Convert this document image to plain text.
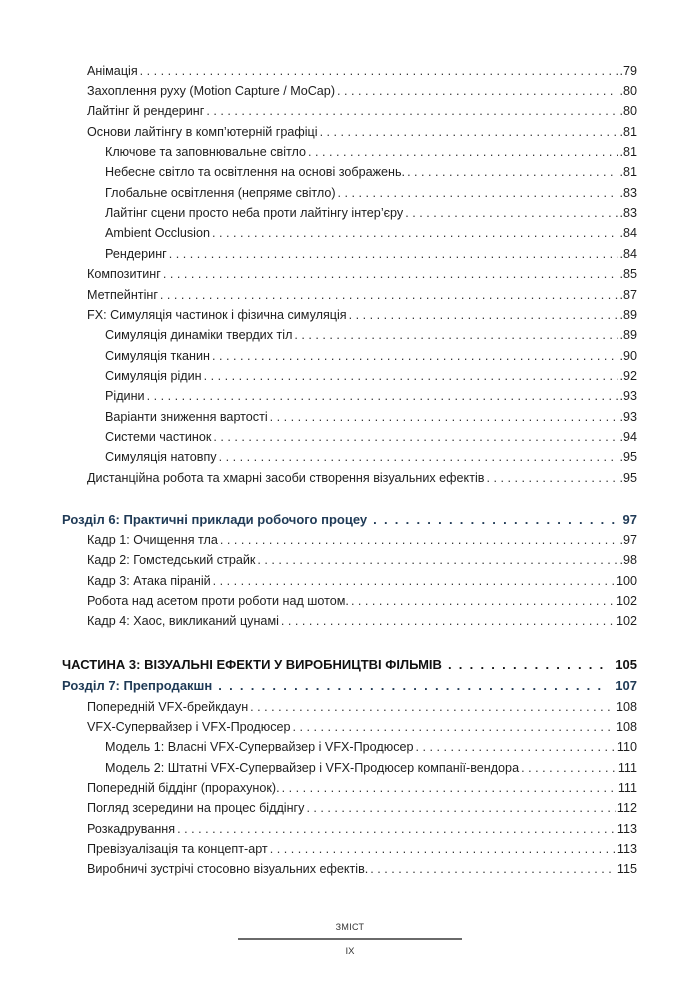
Анімація . . .	.79
Захоплення руху (Motion Capture / MoCap) . . .	.80
Лайтінг й рендеринг . . .	.80
Основи лайтінгу в комп’ютерній графіці . . .	.81
Ключове та заповнювальне світло . . .	.81
Небесне світло та освітлення на основі зображень. . . .	.81
Глобальне освітлення (непряме світло) . . .	.83
Лайтінг сцени просто неба проти лайтінгу інтер’єру . . .	.83
Ambient Occlusion . . .	.84
Рендеринг . . .	.84
Композитинг . . .	.85
Метпейнтінг . . .	.87
FX: Симуляція частинок і фізична симуляція . . .	.89
Симуляція динаміки твердих тіл . . .	.89
Симуляція тканин . . .	.90
Симуляція рідин . . .	.92
Рідини . . .	.93
Варіанти зниження вартості . . .	.93
Системи частинок . . .	.94
Симуляція натовпу . . .	.95
Дистанційна робота та хмарні засоби створення візуальних ефектів . . .	.95
Розділ 6: Практичні приклади робочого процеу . .	97
Кадр 1: Очищення тла . . .	.97
Кадр 2: Гомстедський страйк . . .	.98
Кадр 3: Атака піраній . . .	100
Робота над асетом проти роботи над шотом. . . .	102
Кадр 4: Хаос, викликаний цунамі . . .	102
ЧАСТИНА 3: ВІЗУАЛЬНІ ЕФЕКТИ У ВИРОБНИЦТВІ ФІЛЬМІВ . .	105
Розділ 7: Препродакшн . .	107
Попередній VFX-брейкдаун . . .	108
VFX-Супервайзер і VFX-Продюсер . . .	108
Модель 1: Власні VFX-Супервайзер і VFX-Продюсер . . .	110
Модель 2: Штатні VFX-Супервайзер і VFX-Продюсер компанії-вендора . . .	111
Попередній біддінг (прорахунок). . . .	111
Погляд зсередини на процес біддінгу . . .	112
Розкадрування . . .	113
Превізуалізація та концепт-арт . . .	113
Виробничі зустрічі стосовно візуальних ефектів. . . .	115
ЗМІСТ
IX
